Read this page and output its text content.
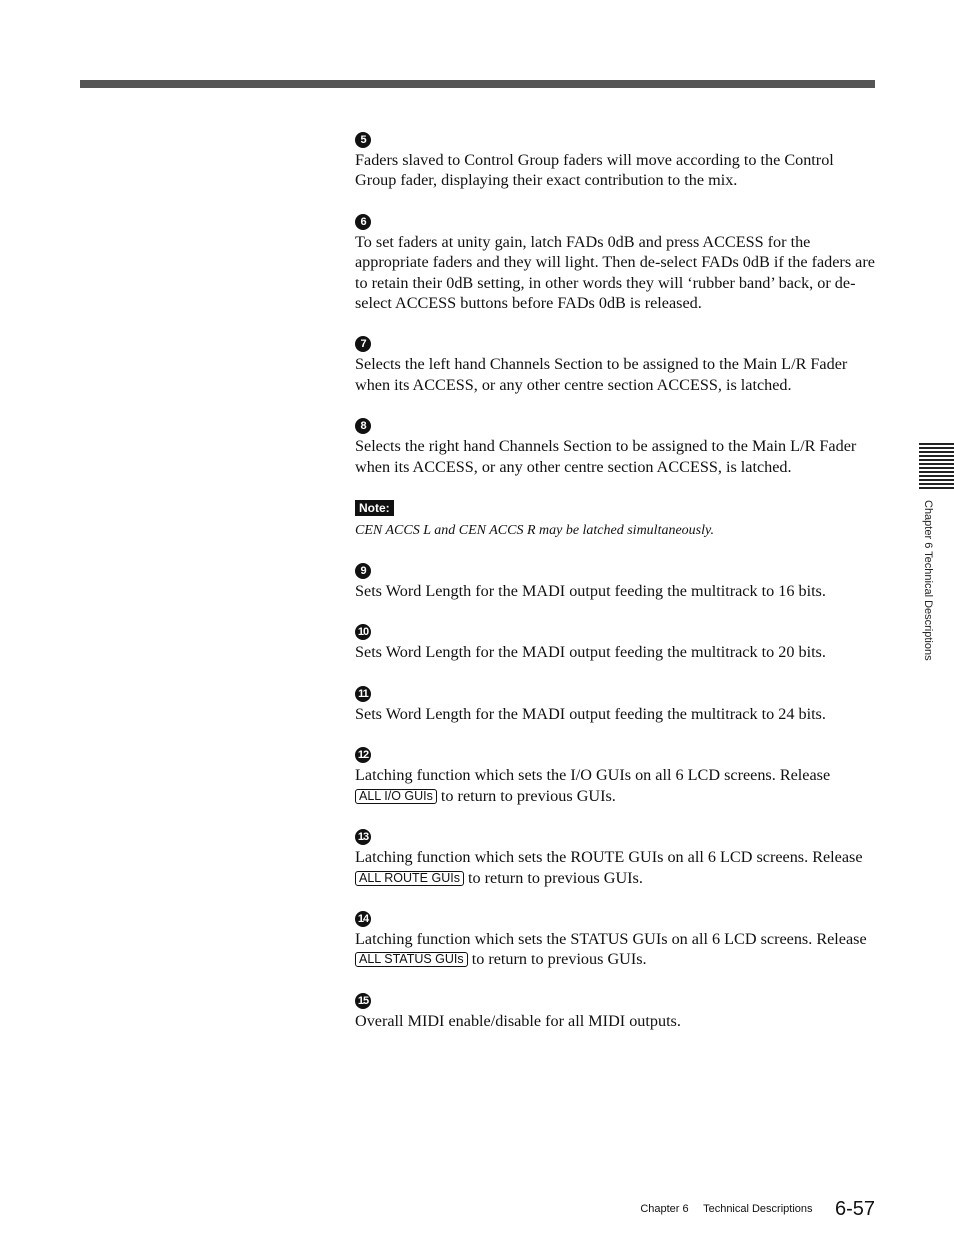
5
Faders slaved to Control Group faders will move according to the Control Group fader, displaying their exact contribution to the mix.
6
To set faders at unity gain, latch FADs 0dB and press ACCESS for the appropriate faders and they will light. Then de-select FADs 0dB if the faders are to retain their 0dB setting, in other words they will ‘rubber band’ back, or de-select ACCESS buttons before FADs 0dB is released.
7
Selects the left hand Channels Section to be assigned to the Main L/R Fader when its ACCESS, or any other centre section ACCESS, is latched.
8
Selects the right hand Channels Section to be assigned to the Main L/R Fader when its ACCESS, or any other centre section ACCESS, is latched.
Note:
CEN ACCS L and CEN ACCS R may be latched simultaneously.
9
Sets Word Length for the MADI output feeding the multitrack to 16 bits.
10
Sets Word Length for the MADI output feeding the multitrack to 20 bits.
11
Sets Word Length for the MADI output feeding the multitrack to 24 bits.
12
Latching function which sets the I/O GUIs on all 6 LCD screens. Release ALL I/O GUIs to return to previous GUIs.
13
Latching function which sets the ROUTE GUIs on all 6 LCD screens. Release ALL ROUTE GUIs to return to previous GUIs.
14
Latching function which sets the STATUS GUIs on all 6 LCD screens. Release ALL STATUS GUIs to return to previous GUIs.
15
Overall MIDI enable/disable for all MIDI outputs.
Chapter 6 Technical Descriptions
Chapter 6 Technical Descriptions 6-57
